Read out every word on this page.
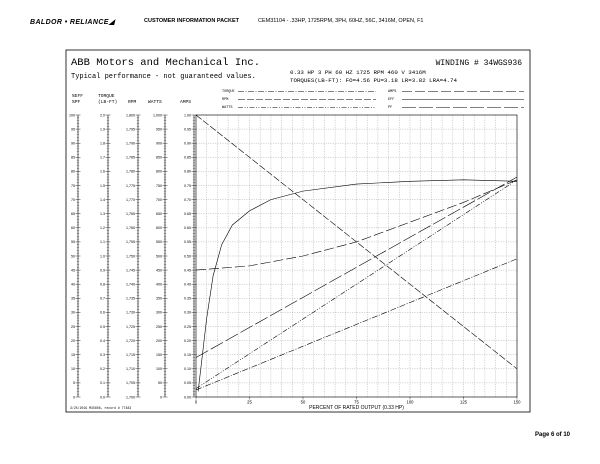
BALDOR • RELIANCE◢	CUSTOMER INFORMATION PACKET	CEM31104 - .33HP, 1725RPM, 3PH, 60HZ, 56C, 3416M, OPEN, F1
ABB Motors and Mechanical Inc.
Typical performance - not guaranteed values.
WINDING # 34WGS936
0.33 HP 3 PH 60 HZ 1725 RPM 460 V 3416M
TORQUES(LB-FT): FO=4.56 PU=3.18 LR=3.82 LRA=4.74
TORQUE
RPM
WATTS
AMPS
EFF
PF
%EFF
%PF
TORQUE
(LB-FT) RPM	WATTS	AMPS
100
95
90
85
80
75
70
65
60
55
50
45
40
35
30
25
20
15
10
5
0
2.0
1.9
1.8
1.7
1.6
1.5
1.4
1.3
1.2
1.1
1.0
0.9
0.8
0.7
0.6
0.5
0.4
0.3
0.2
0.1
0.0
1,800
1,795
1,790
1,785
1,780
1,775
1,770
1,765
1,760
1,755
1,750
1,745
1,740
1,735
1,730
1,725
1,720
1,715
1,710
1,705
1,700
1,000
950
900
850
800
750
700
650
600
550
500
450
400
350
300
250
200
150
100
50
0
1.00
0.95
0.90
0.85
0.80
0.75
0.70
0.65
0.60
0.55
0.50
0.45
0.40
0.35
0.30
0.25
0.20
0.15
0.10
0.05
0.00
0	25	50	75	100	125	150
PERCENT OF RATED OUTPUT (0.33 HP)
3/25/2019 M35608, record # 77483
Page 6 of 10
